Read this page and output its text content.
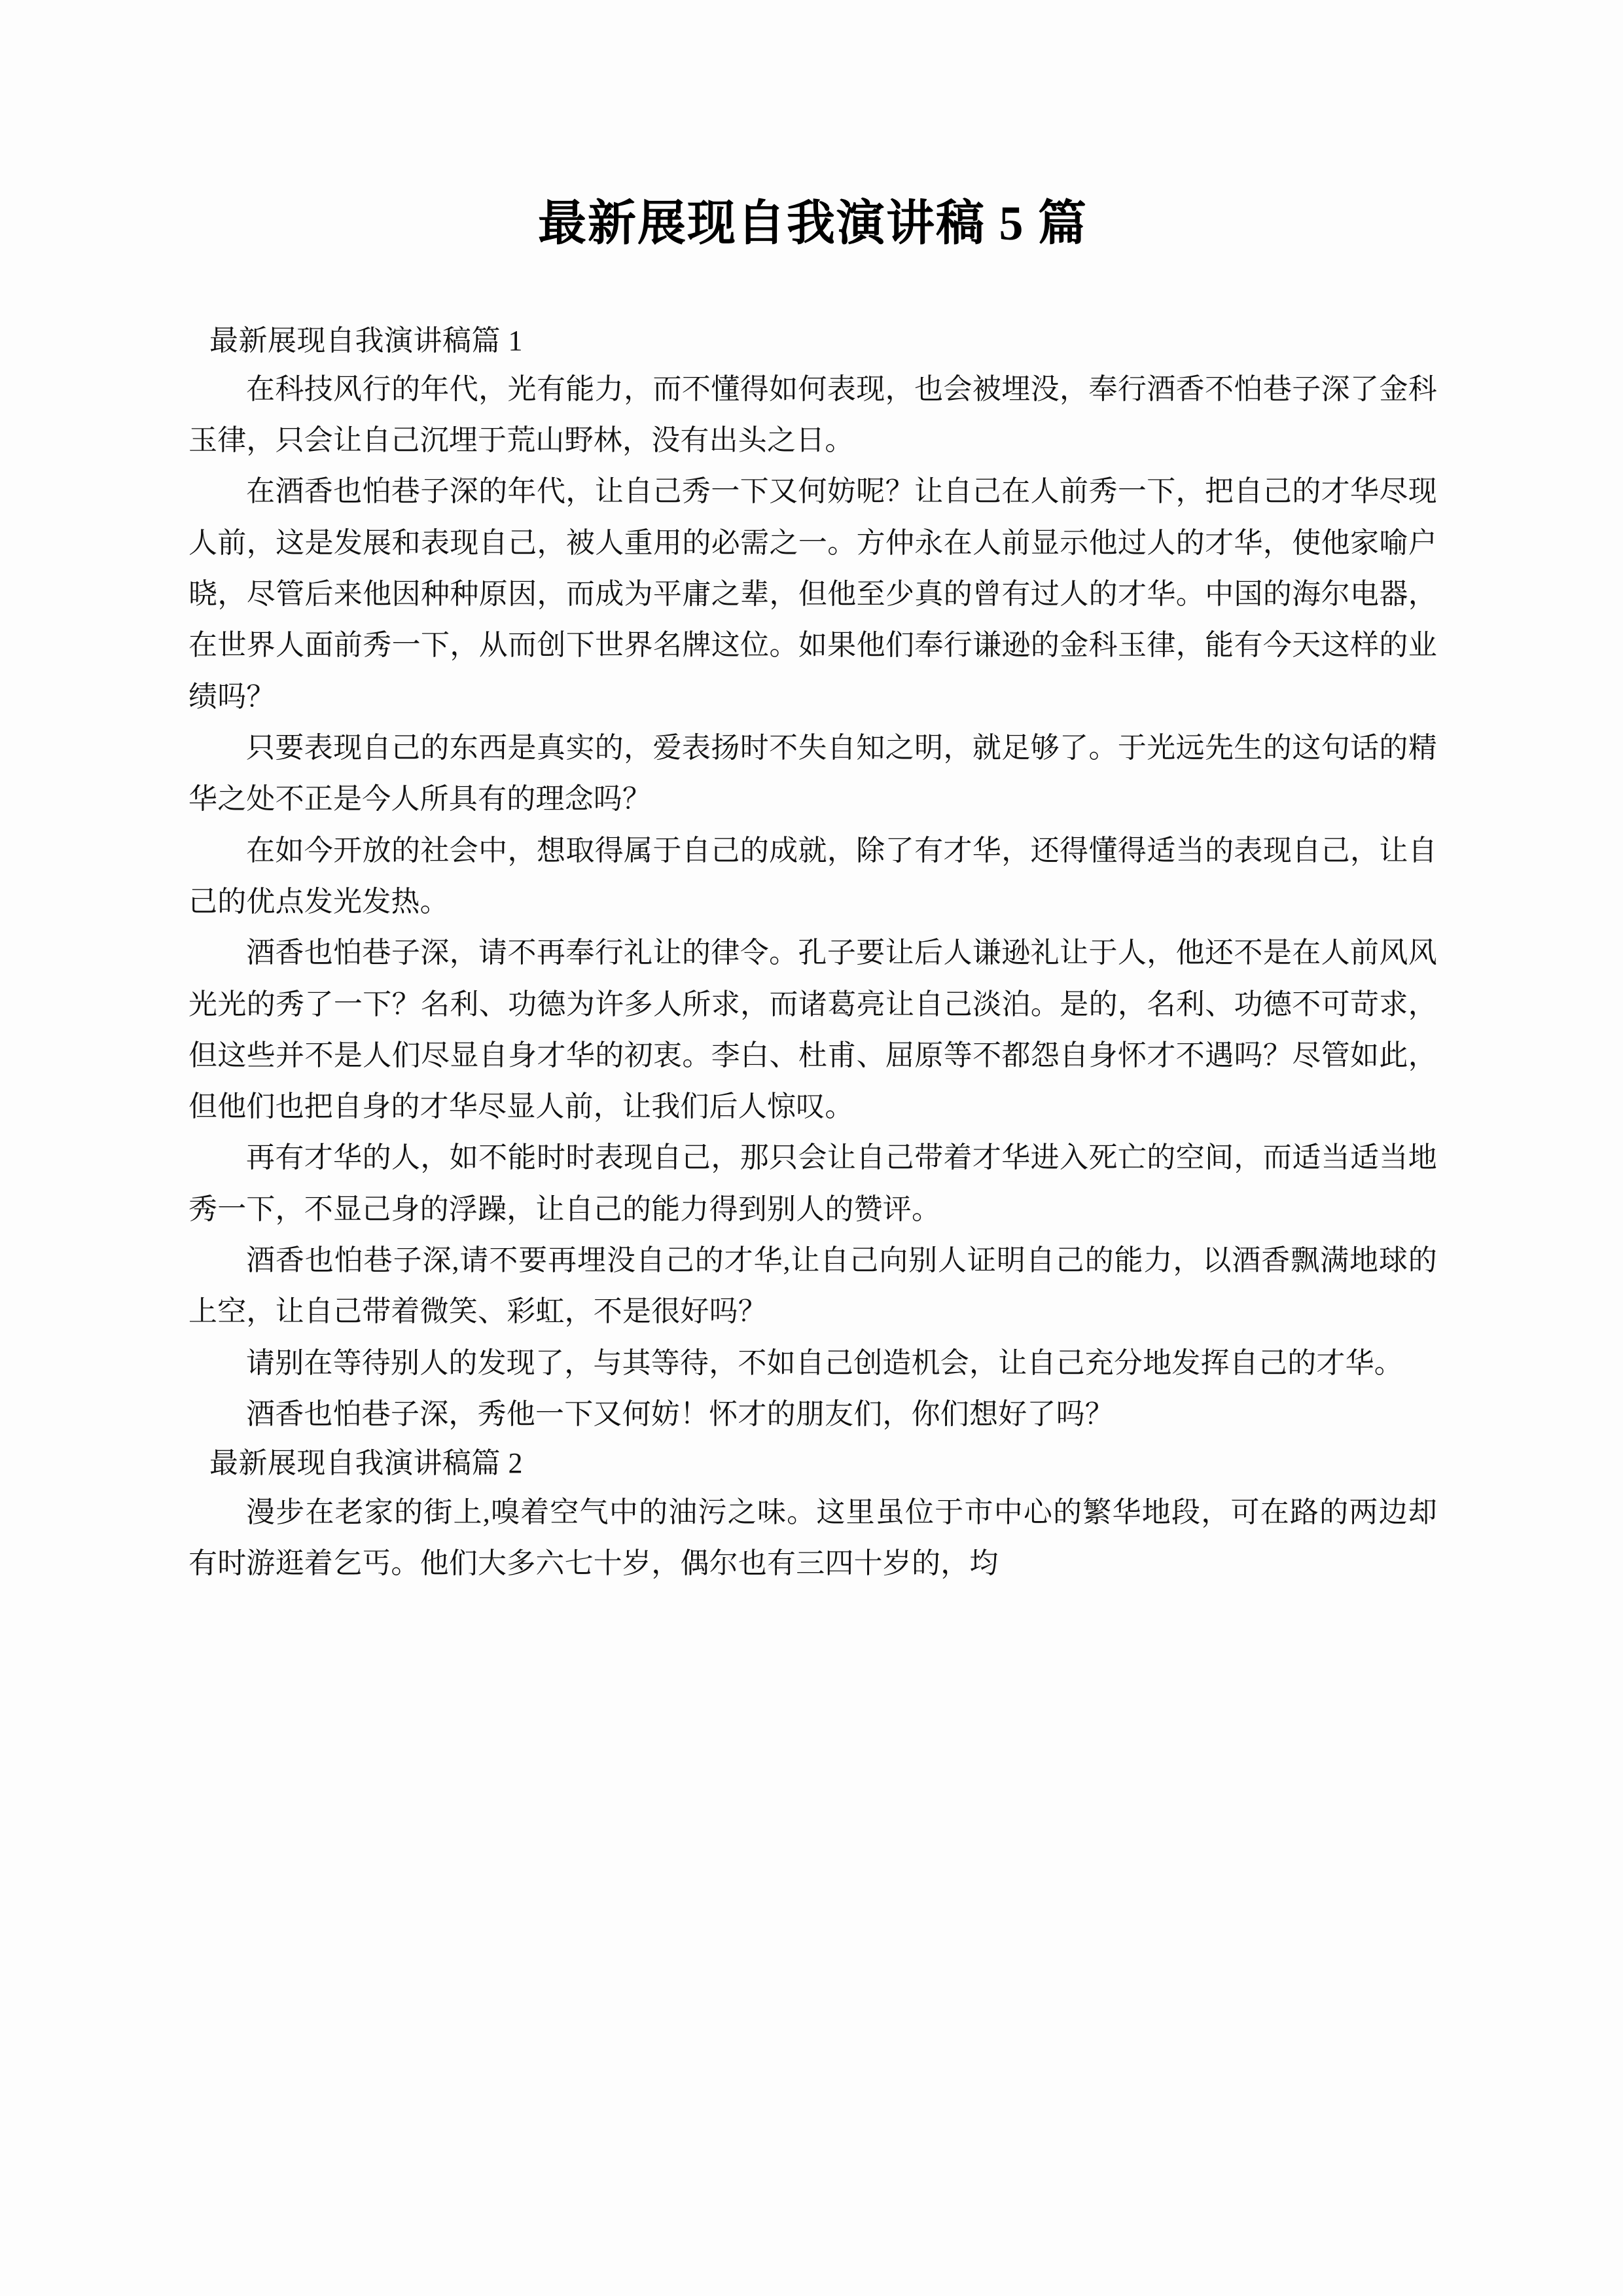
最新展现自我演讲稿 5 篇

最新展现自我演讲稿篇 1

在科技风行的年代，光有能力，而不懂得如何表现，也会被埋没，奉行酒香不怕巷子深了金科玉律，只会让自己沉埋于荒山野林，没有出头之日。

在酒香也怕巷子深的年代，让自己秀一下又何妨呢？让自己在人前秀一下，把自己的才华尽现人前，这是发展和表现自己，被人重用的必需之一。方仲永在人前显示他过人的才华，使他家喻户晓，尽管后来他因种种原因，而成为平庸之辈，但他至少真的曾有过人的才华。中国的海尔电器，在世界人面前秀一下，从而创下世界名牌这位。如果他们奉行谦逊的金科玉律，能有今天这样的业绩吗？

只要表现自己的东西是真实的，爱表扬时不失自知之明，就足够了。于光远先生的这句话的精华之处不正是今人所具有的理念吗？

在如今开放的社会中，想取得属于自己的成就，除了有才华，还得懂得适当的表现自己，让自己的优点发光发热。

酒香也怕巷子深，请不再奉行礼让的律令。孔子要让后人谦逊礼让于人，他还不是在人前风风光光的秀了一下？名利、功德为许多人所求，而诸葛亮让自己淡泊。是的，名利、功德不可苛求，但这些并不是人们尽显自身才华的初衷。李白、杜甫、屈原等不都怨自身怀才不遇吗？尽管如此，但他们也把自身的才华尽显人前，让我们后人惊叹。

再有才华的人，如不能时时表现自己，那只会让自己带着才华进入死亡的空间，而适当适当地秀一下，不显己身的浮躁，让自己的能力得到别人的赞评。

酒香也怕巷子深,请不要再埋没自己的才华,让自己向别人证明自己的能力，以酒香飘满地球的上空，让自己带着微笑、彩虹，不是很好吗？

请别在等待别人的发现了，与其等待，不如自己创造机会，让自己充分地发挥自己的才华。

酒香也怕巷子深，秀他一下又何妨！怀才的朋友们，你们想好了吗？

最新展现自我演讲稿篇 2

漫步在老家的街上,嗅着空气中的油污之味。这里虽位于市中心的繁华地段，可在路的两边却有时游逛着乞丐。他们大多六七十岁，偶尔也有三四十岁的，均
